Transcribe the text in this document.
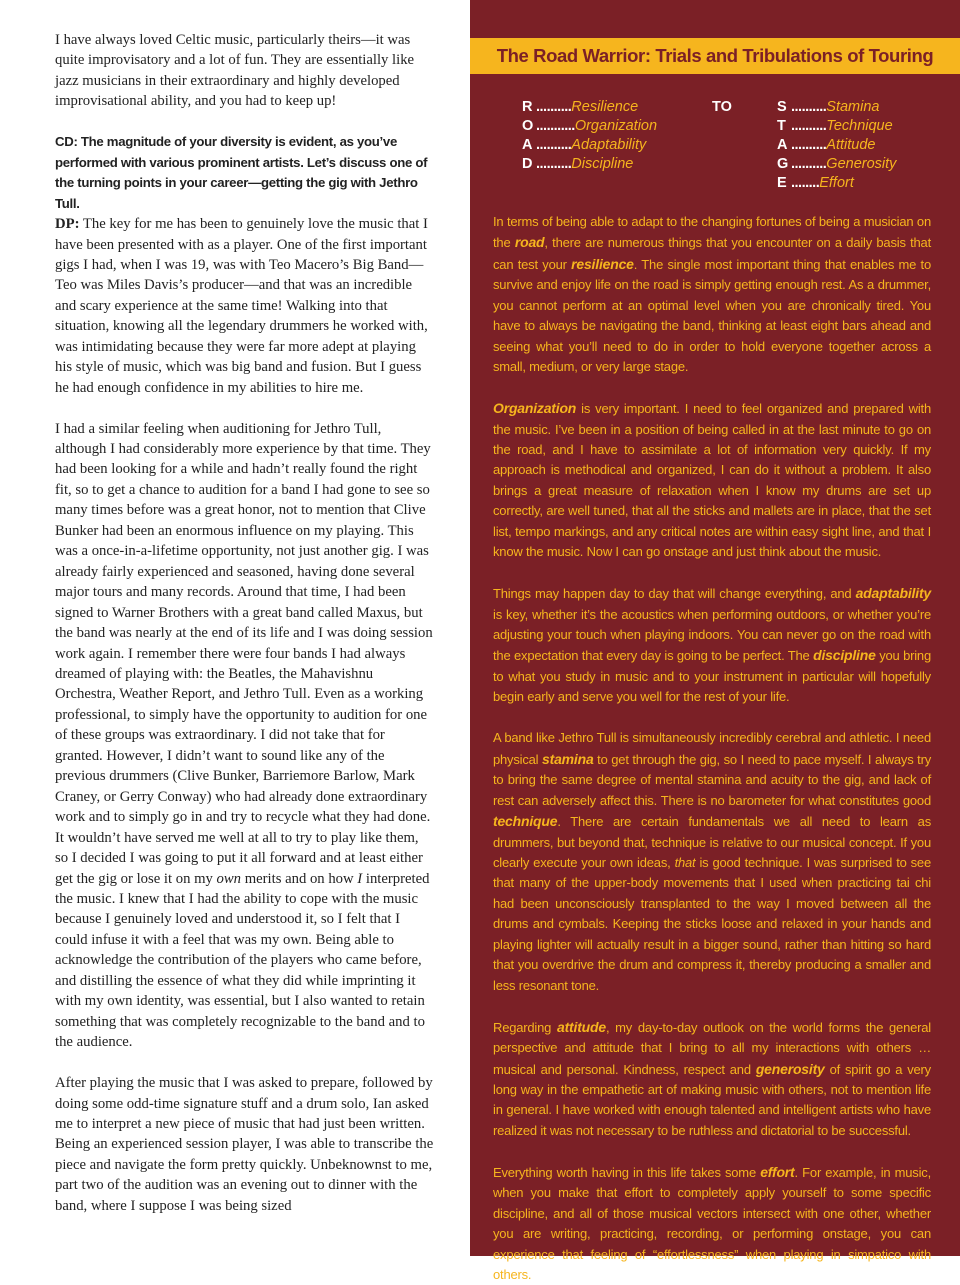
I have always loved Celtic music, particularly theirs—it was quite improvisatory and a lot of fun. They are essentially like jazz musicians in their extraordinary and highly developed improvisational ability, and you had to keep up!

CD: The magnitude of your diversity is evident, as you’ve performed with various prominent artists. Let’s discuss one of the turning points in your career—getting the gig with Jethro Tull.
DP: The key for me has been to genuinely love the music that I have been presented with as a player. One of the first important gigs I had, when I was 19, was with Teo Macero’s Big Band—Teo was Miles Davis’s producer—and that was an incredible and scary experience at the same time! Walking into that situation, knowing all the legendary drummers he worked with, was intimidating because they were far more adept at playing his style of music, which was big band and fusion. But I guess he had enough confidence in my abilities to hire me.

I had a similar feeling when auditioning for Jethro Tull, although I had considerably more experience by that time. They had been looking for a while and hadn’t really found the right fit, so to get a chance to audition for a band I had gone to see so many times before was a great honor, not to mention that Clive Bunker had been an enormous influence on my playing. This was a once-in-a-lifetime opportunity, not just another gig. I was already fairly experienced and seasoned, having done several major tours and many records. Around that time, I had been signed to Warner Brothers with a great band called Maxus, but the band was nearly at the end of its life and I was doing session work again. I remember there were four bands I had always dreamed of playing with: the Beatles, the Mahavishnu Orchestra, Weather Report, and Jethro Tull. Even as a working professional, to simply have the opportunity to audition for one of these groups was extraordinary. I did not take that for granted. However, I didn’t want to sound like any of the previous drummers (Clive Bunker, Barriemore Barlow, Mark Craney, or Gerry Conway) who had already done extraordinary work and to simply go in and try to recycle what they had done. It wouldn’t have served me well at all to try to play like them, so I decided I was going to put it all forward and at least either get the gig or lose it on my own merits and on how I interpreted the music. I knew that I had the ability to cope with the music because I genuinely loved and understood it, so I felt that I could infuse it with a feel that was my own. Being able to acknowledge the contribution of the players who came before, and distilling the essence of what they did while imprinting it with my own identity, was essential, but I also wanted to retain something that was completely recognizable to the band and to the audience.

After playing the music that I was asked to prepare, followed by doing some odd-time signature stuff and a drum solo, Ian asked me to interpret a new piece of music that had just been written. Being an experienced session player, I was able to transcribe the piece and navigate the form pretty quickly. Unbeknownst to me, part two of the audition was an evening out to dinner with the band, where I suppose I was being sized

The Road Warrior: Trials and Tribulations of Touring
R ..........Resilience
O ...........Organization
A ..........Adaptability
D ..........Discipline
TO	S ..........Stamina
T ..........Technique
A ..........Attitude
G ..........Generosity
E ........Effort

In terms of being able to adapt to the changing fortunes of being a musician on the road, there are numerous things that you encounter on a daily basis that can test your resilience. The single most important thing that enables me to survive and enjoy life on the road is simply getting enough rest. As a drummer, you cannot perform at an optimal level when you are chronically tired. You have to always be navigating the band, thinking at least eight bars ahead and seeing what you’ll need to do in order to hold everyone together across a small, medium, or very large stage.

Organization is very important. I need to feel organized and prepared with the music. I’ve been in a position of being called in at the last minute to go on the road, and I have to assimilate a lot of information very quickly. If my approach is methodical and organized, I can do it without a problem. It also brings a great measure of relaxation when I know my drums are set up correctly, are well tuned, that all the sticks and mallets are in place, that the set list, tempo markings, and any critical notes are within easy sight line, and that I know the music. Now I can go onstage and just think about the music.

Things may happen day to day that will change everything, and adaptability is key, whether it’s the acoustics when performing outdoors, or whether you’re adjusting your touch when playing indoors. You can never go on the road with the expectation that every day is going to be perfect. The discipline you bring to what you study in music and to your instrument in particular will hopefully begin early and serve you well for the rest of your life.

A band like Jethro Tull is simultaneously incredibly cerebral and athletic. I need physical stamina to get through the gig, so I need to pace myself. I always try to bring the same degree of mental stamina and acuity to the gig, and lack of rest can adversely affect this. There is no barometer for what constitutes good technique. There are certain fundamentals we all need to learn as drummers, but beyond that, technique is relative to our musical concept. If you clearly execute your own ideas, that is good technique. I was surprised to see that many of the upper-body movements that I used when practicing tai chi had been unconsciously transplanted to the way I moved between all the drums and cymbals. Keeping the sticks loose and relaxed in your hands and playing lighter will actually result in a bigger sound, rather than hitting so hard that you overdrive the drum and compress it, thereby producing a smaller and less resonant tone.

Regarding attitude, my day-to-day outlook on the world forms the general perspective and attitude that I bring to all my interactions with others … musical and personal. Kindness, respect and generosity of spirit go a very long way in the empathetic art of making music with others, not to mention life in general. I have worked with enough talented and intelligent artists who have realized it was not necessary to be ruthless and dictatorial to be successful.

Everything worth having in this life takes some effort. For example, in music, when you make that effort to completely apply yourself to some specific discipline, and all of those musical vectors intersect with one other, whether you are writing, practicing, recording, or performing onstage, you can experience that feeling of “effortlessness” when playing in simpatico with others.
